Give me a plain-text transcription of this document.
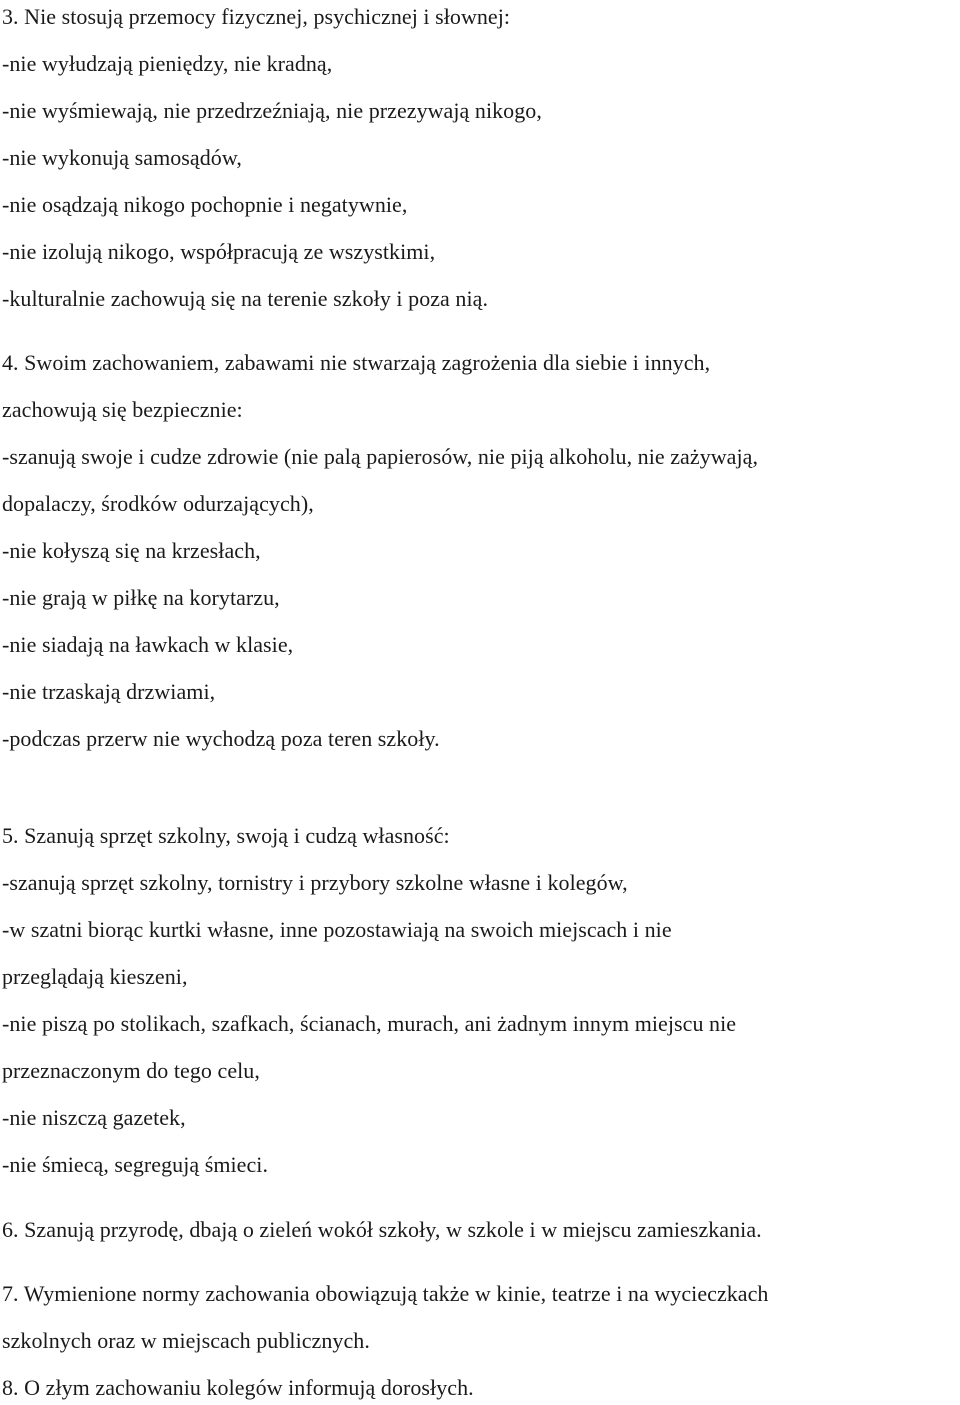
3. Nie stosują przemocy fizycznej, psychicznej i słownej:
-nie wyłudzają pieniędzy, nie kradną,
-nie wyśmiewają, nie przedrzeźniają, nie przezywają nikogo,
-nie wykonują samosądów,
-nie osądzają nikogo pochopnie i negatywnie,
-nie izolują nikogo, współpracują ze wszystkimi,
-kulturalnie zachowują się na terenie szkoły i poza nią.
4. Swoim zachowaniem, zabawami nie stwarzają zagrożenia dla siebie i innych,
zachowują się bezpiecznie:
-szanują swoje i cudze zdrowie (nie palą papierosów, nie piją alkoholu, nie zażywają,
dopalaczy, środków odurzających),
-nie kołyszą się na krzesłach,
-nie grają w piłkę na korytarzu,
-nie siadają na ławkach w klasie,
-nie trzaskają drzwiami,
-podczas przerw nie wychodzą poza teren szkoły.
5. Szanują sprzęt szkolny, swoją i cudzą własność:
-szanują sprzęt szkolny, tornistry i przybory szkolne własne i kolegów,
-w szatni biorąc kurtki własne, inne pozostawiają na swoich miejscach i nie
przeglądają kieszeni,
-nie piszą po stolikach, szafkach, ścianach, murach, ani żadnym innym miejscu nie
przeznaczonym do tego celu,
-nie niszczą gazetek,
-nie śmiecą, segregują śmieci.
6. Szanują przyrodę, dbają o zieleń wokół szkoły, w szkole i w miejscu zamieszkania.
7. Wymienione normy zachowania obowiązują także w kinie, teatrze i na wycieczkach
szkolnych oraz w miejscach publicznych.
8. O złym zachowaniu kolegów informują dorosłych.
